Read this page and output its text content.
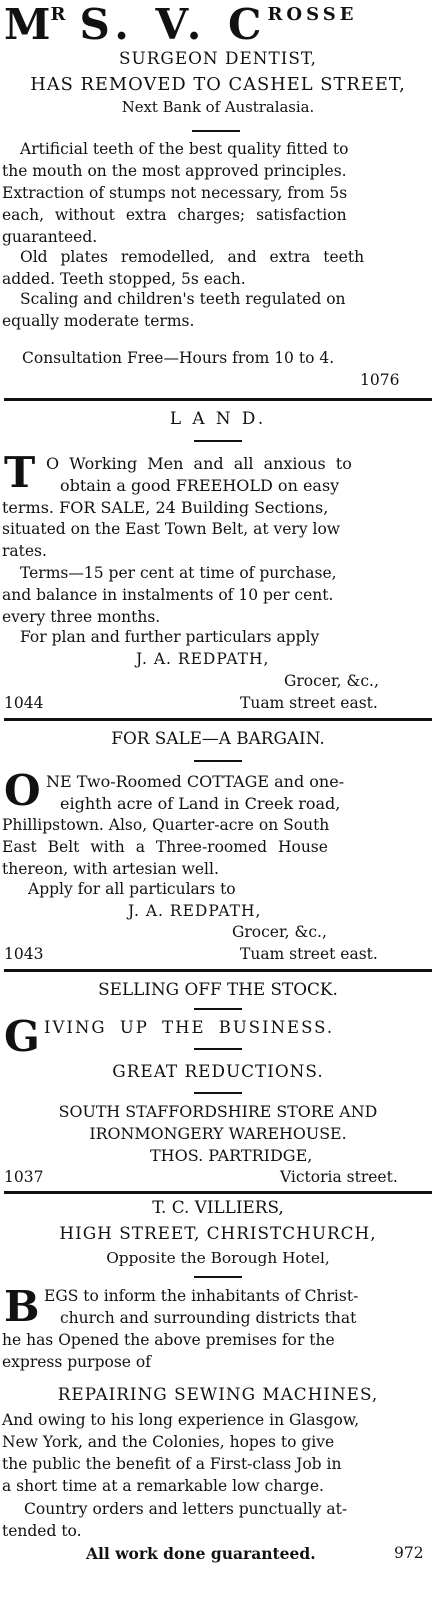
MR S. V. CROSSE
SURGEON DENTIST,
HAS REMOVED TO CASHEL STREET,
Next Bank of Australasia.
Artificial teeth of the best quality fitted to
the mouth on the most approved principles.
Extraction of stumps not necessary, from 5s
each, without extra charges; satisfaction
guaranteed.
Old plates remodelled, and extra teeth
added. Teeth stopped, 5s each.
Scaling and children's teeth regulated on
equally moderate terms.
Consultation Free—Hours from 10 to 4.
1076
L A N D.
T O Working Men and all anxious to
obtain a good FREEHOLD on easy
terms. FOR SALE, 24 Building Sections,
situated on the East Town Belt, at very low
rates.
Terms—15 per cent at time of purchase,
and balance in instalments of 10 per cent.
every three months.
For plan and further particulars apply
J. A. REDPATH,
Grocer, &c.,
1044	Tuam street east.
FOR SALE—A BARGAIN.
O NE Two-Roomed COTTAGE and one-
eighth acre of Land in Creek road,
Phillipstown. Also, Quarter-acre on South
East Belt with a Three-roomed House
thereon, with artesian well.
Apply for all particulars to
J. A. REDPATH,
Grocer, &c.,
1043	Tuam street east.
SELLING OFF THE STOCK.
G IVING UP THE BUSINESS.
GREAT REDUCTIONS.
SOUTH STAFFORDSHIRE STORE AND
IRONMONGERY WAREHOUSE.
THOS. PARTRIDGE,
1037	Victoria street.
T. C. VILLIERS,
HIGH STREET, CHRISTCHURCH,
Opposite the Borough Hotel,
B EGS to inform the inhabitants of Christ-
church and surrounding districts that
he has Opened the above premises for the
express purpose of
REPAIRING SEWING MACHINES,
And owing to his long experience in Glasgow,
New York, and the Colonies, hopes to give
the public the benefit of a First-class Job in
a short time at a remarkable low charge.
Country orders and letters punctually at-
tended to.
All work done guaranteed.	972
